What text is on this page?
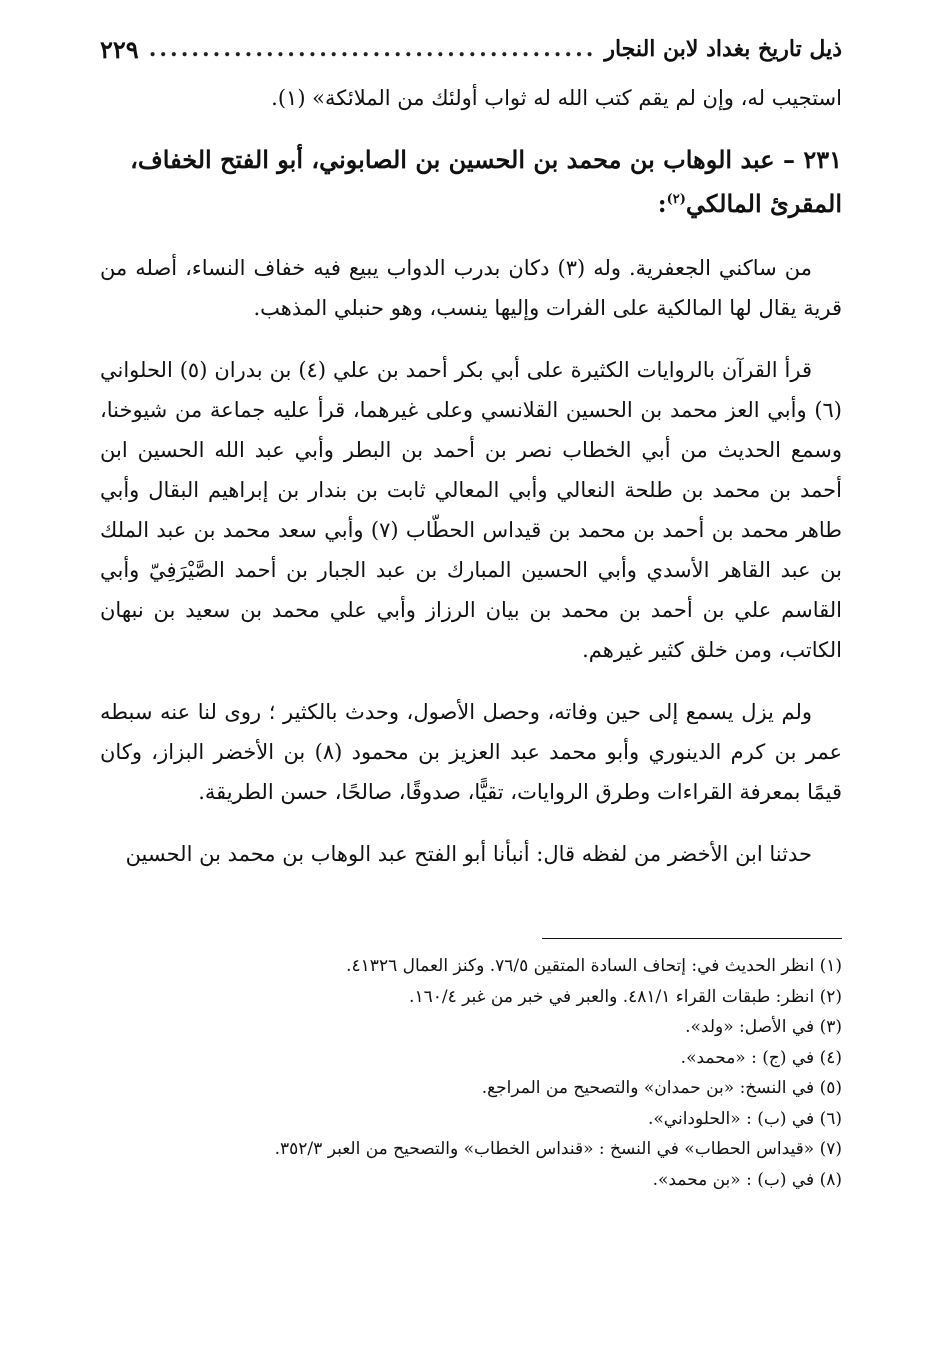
ذيل تاريخ بغداد لابن النجار
.....
٢٢٩

استجيب له، وإن لم يقم كتب الله له ثواب أولئك من الملائكة» (١).

٢٣١ – عبد الوهاب بن محمد بن الحسين بن الصابوني، أبو الفتح الخفاف، المقرئ المالكي$^{(٢)}$:

من ساكني الجعفرية. وله (٣) دكان بدرب الدواب يبيع فيه خفاف النساء، أصله من قرية يقال لها المالكية على الفرات وإليها ينسب، وهو حنبلي المذهب.

قرأ القرآن بالروايات الكثيرة على أبي بكر أحمد بن علي (٤) بن بدران (٥) الحلواني (٦) وأبي العز محمد بن الحسين القلانسي وعلى غيرهما، قرأ عليه جماعة من شيوخنا، وسمع الحديث من أبي الخطاب نصر بن أحمد بن البطر وأبي عبد الله الحسين ابن أحمد بن محمد بن طلحة النعالي وأبي المعالي ثابت بن بندار بن إبراهيم البقال وأبي طاهر محمد بن أحمد بن محمد بن قيداس الحطّاب (٧) وأبي سعد محمد بن عبد الملك بن عبد القاهر الأسدي وأبي الحسين المبارك بن عبد الجبار بن أحمد الصَّيْرَفِيّ وأبي القاسم علي بن أحمد بن محمد بن بيان الرزاز وأبي علي محمد بن سعيد بن نبهان الكاتب، ومن خلق كثير غيرهم.

ولم يزل يسمع إلى حين وفاته، وحصل الأصول، وحدث بالكثير ؛ روى لنا عنه سبطه عمر بن كرم الدينوري وأبو محمد عبد العزيز بن محمود (٨) بن الأخضر البزاز، وكان قيمًا بمعرفة القراءات وطرق الروايات، تقيًّا، صدوقًا، صالحًا، حسن الطريقة.

حدثنا ابن الأخضر من لفظه قال: أنبأنا أبو الفتح عبد الوهاب بن محمد بن الحسين

(١) انظر الحديث في: إتحاف السادة المتقين ٧٦/٥. وكنز العمال ٤١٣٢٦.
(٢) انظر: طبقات القراء ٤٨١/١. والعبر في خبر من غبر ١٦٠/٤.
(٣) في الأصل: «ولد».
(٤) في (ج) : «محمد».
(٥) في النسخ: «بن حمدان» والتصحيح من المراجع.
(٦) في (ب) : «الحلوداني».
(٧) «قيداس الحطاب» في النسخ : «قنداس الخطاب» والتصحيح من العبر ٣٥٢/٣.
(٨) في (ب) : «بن محمد».
